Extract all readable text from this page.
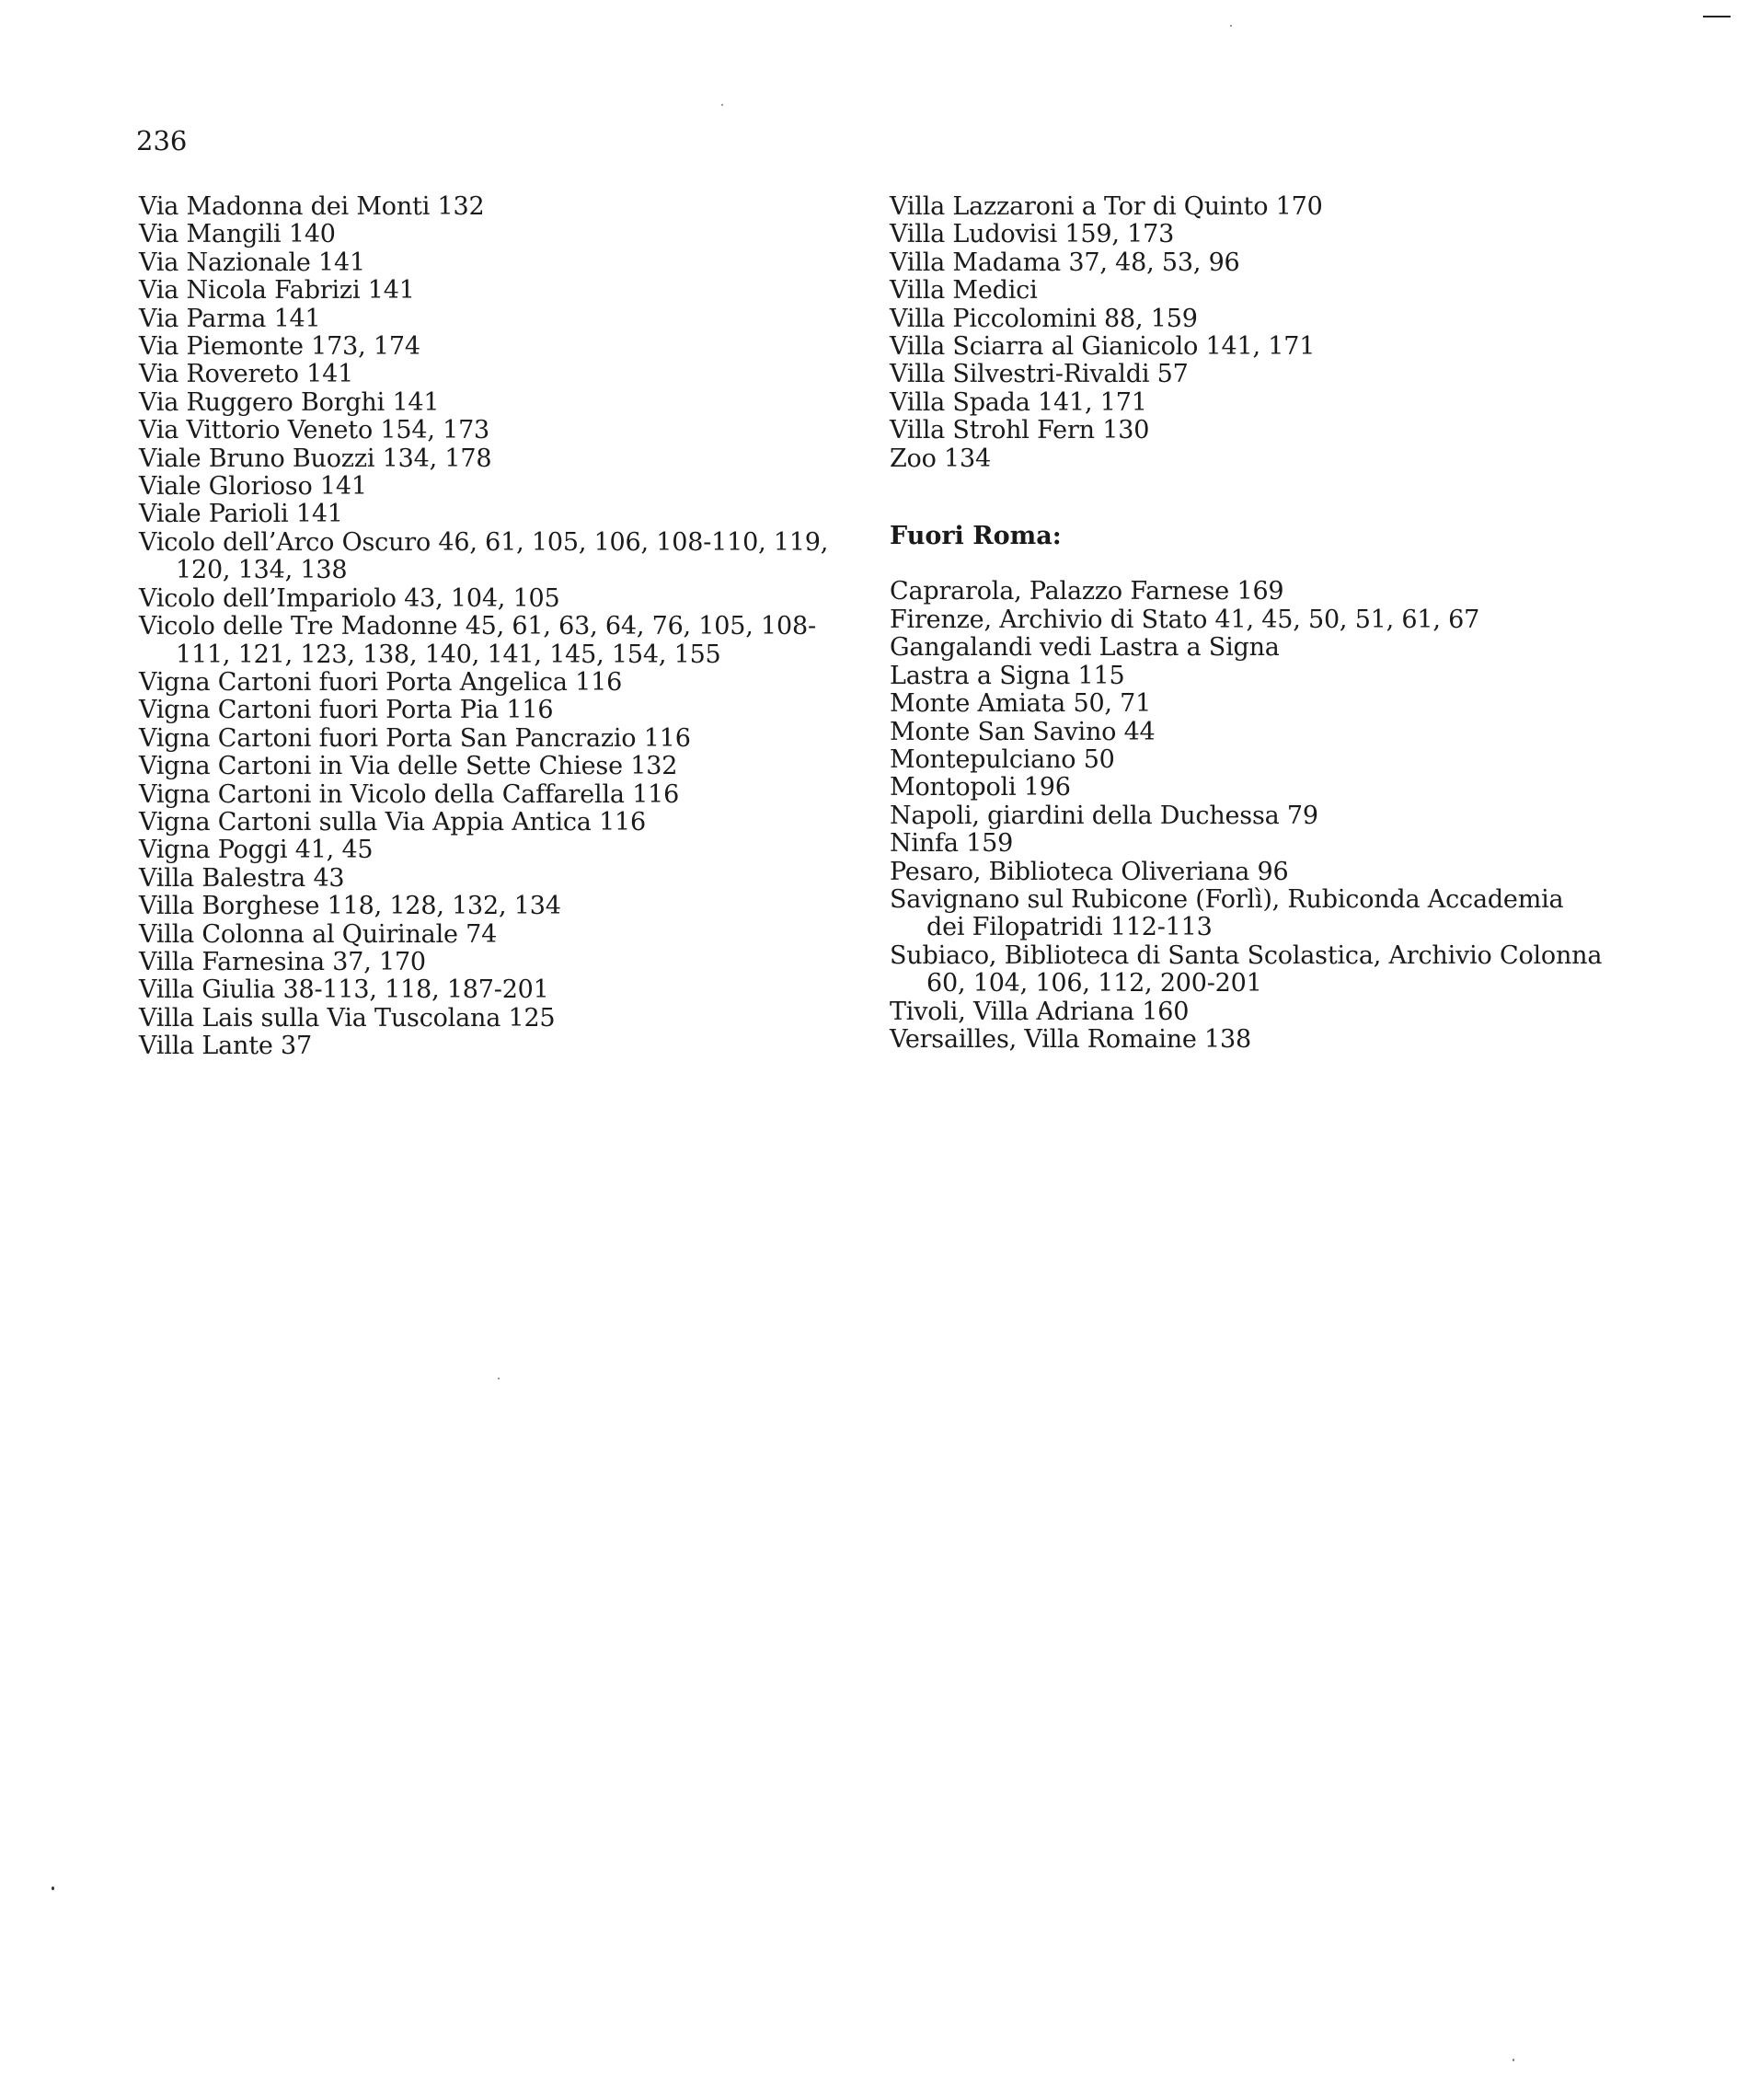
236
Via Madonna dei Monti 132
Via Mangili 140
Via Nazionale 141
Via Nicola Fabrizi 141
Via Parma 141
Via Piemonte 173, 174
Via Rovereto 141
Via Ruggero Borghi 141
Via Vittorio Veneto 154, 173
Viale Bruno Buozzi 134, 178
Viale Glorioso 141
Viale Parioli 141
Vicolo dell’Arco Oscuro 46, 61, 105, 106, 108-110, 119, 120, 134, 138
Vicolo dell’Impariolo 43, 104, 105
Vicolo delle Tre Madonne 45, 61, 63, 64, 76, 105, 108-111, 121, 123, 138, 140, 141, 145, 154, 155
Vigna Cartoni fuori Porta Angelica 116
Vigna Cartoni fuori Porta Pia 116
Vigna Cartoni fuori Porta San Pancrazio 116
Vigna Cartoni in Via delle Sette Chiese 132
Vigna Cartoni in Vicolo della Caffarella 116
Vigna Cartoni sulla Via Appia Antica 116
Vigna Poggi 41, 45
Villa Balestra 43
Villa Borghese 118, 128, 132, 134
Villa Colonna al Quirinale 74
Villa Farnesina 37, 170
Villa Giulia 38-113, 118, 187-201
Villa Lais sulla Via Tuscolana 125
Villa Lante 37
Villa Lazzaroni a Tor di Quinto 170
Villa Ludovisi 159, 173
Villa Madama 37, 48, 53, 96
Villa Medici
Villa Piccolomini 88, 159
Villa Sciarra al Gianicolo 141, 171
Villa Silvestri-Rivaldi 57
Villa Spada 141, 171
Villa Strohl Fern 130
Zoo 134
Fuori Roma:
Caprarola, Palazzo Farnese 169
Firenze, Archivio di Stato 41, 45, 50, 51, 61, 67
Gangalandi vedi Lastra a Signa
Lastra a Signa 115
Monte Amiata 50, 71
Monte San Savino 44
Montepulciano 50
Montopoli 196
Napoli, giardini della Duchessa 79
Ninfa 159
Pesaro, Biblioteca Oliveriana 96
Savignano sul Rubicone (Forlì), Rubiconda Accademia dei Filopatridi 112-113
Subiaco, Biblioteca di Santa Scolastica, Archivio Colonna 60, 104, 106, 112, 200-201
Tivoli, Villa Adriana 160
Versailles, Villa Romaine 138
